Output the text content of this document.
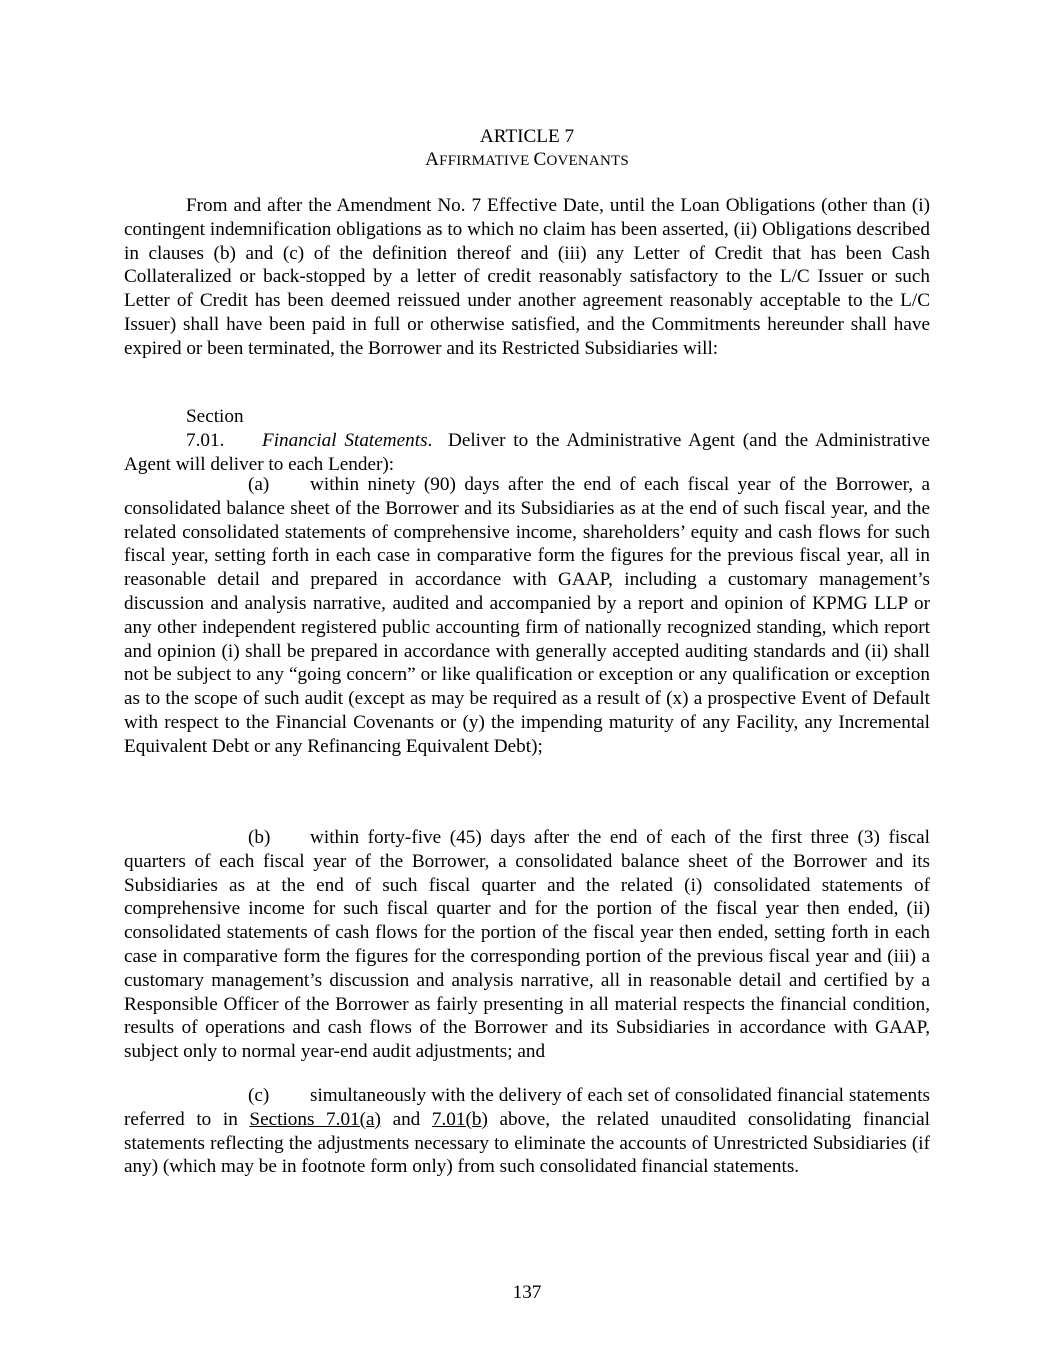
ARTICLE 7
AFFIRMATIVE COVENANTS

From and after the Amendment No. 7 Effective Date, until the Loan Obligations (other than (i) contingent indemnification obligations as to which no claim has been asserted, (ii) Obligations described in clauses (b) and (c) of the definition thereof and (iii) any Letter of Credit that has been Cash Collateralized or back-stopped by a letter of credit reasonably satisfactory to the L/C Issuer or such Letter of Credit has been deemed reissued under another agreement reasonably acceptable to the L/C Issuer) shall have been paid in full or otherwise satisfied, and the Commitments hereunder shall have expired or been terminated, the Borrower and its Restricted Subsidiaries will:

Section 7.01. Financial Statements. Deliver to the Administrative Agent (and the Administrative Agent will deliver to each Lender):

(a) within ninety (90) days after the end of each fiscal year of the Borrower, a consolidated balance sheet of the Borrower and its Subsidiaries as at the end of such fiscal year, and the related consolidated statements of comprehensive income, shareholders’ equity and cash flows for such fiscal year, setting forth in each case in comparative form the figures for the previous fiscal year, all in reasonable detail and prepared in accordance with GAAP, including a customary management’s discussion and analysis narrative, audited and accompanied by a report and opinion of KPMG LLP or any other independent registered public accounting firm of nationally recognized standing, which report and opinion (i) shall be prepared in accordance with generally accepted auditing standards and (ii) shall not be subject to any “going concern” or like qualification or exception or any qualification or exception as to the scope of such audit (except as may be required as a result of (x) a prospective Event of Default with respect to the Financial Covenants or (y) the impending maturity of any Facility, any Incremental Equivalent Debt or any Refinancing Equivalent Debt);

(b) within forty-five (45) days after the end of each of the first three (3) fiscal quarters of each fiscal year of the Borrower, a consolidated balance sheet of the Borrower and its Subsidiaries as at the end of such fiscal quarter and the related (i) consolidated statements of comprehensive income for such fiscal quarter and for the portion of the fiscal year then ended, (ii) consolidated statements of cash flows for the portion of the fiscal year then ended, setting forth in each case in comparative form the figures for the corresponding portion of the previous fiscal year and (iii) a customary management’s discussion and analysis narrative, all in reasonable detail and certified by a Responsible Officer of the Borrower as fairly presenting in all material respects the financial condition, results of operations and cash flows of the Borrower and its Subsidiaries in accordance with GAAP, subject only to normal year-end audit adjustments; and

(c) simultaneously with the delivery of each set of consolidated financial statements referred to in Sections 7.01(a) and 7.01(b) above, the related unaudited consolidating financial statements reflecting the adjustments necessary to eliminate the accounts of Unrestricted Subsidiaries (if any) (which may be in footnote form only) from such consolidated financial statements.

137
